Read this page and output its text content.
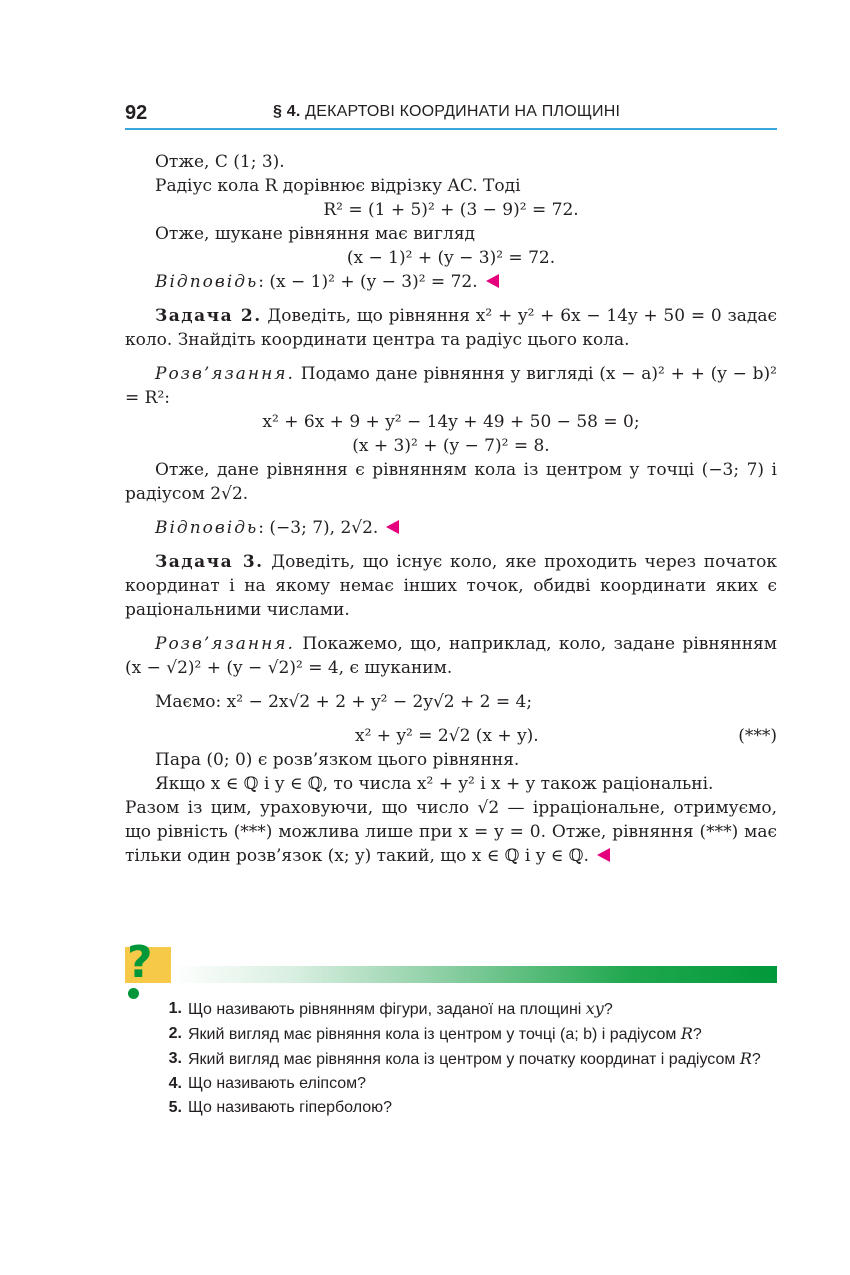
92	§ 4. ДЕКАРТОВІ КООРДИНАТИ НА ПЛОЩИНІ

Отже, C (1; 3).

Радіус кола R дорівнює відрізку AC. Тоді

R² = (1 + 5)² + (3 − 9)² = 72.

Отже, шукане рівняння має вигляд

(x − 1)² + (y − 3)² = 72.

Відповідь: (x − 1)² + (y − 3)² = 72.

Задача 2. Доведіть, що рівняння x² + y² + 6x − 14y + 50 = 0 задає коло. Знайдіть координати центра та радіус цього кола.

Розв’язання. Подамо дане рівняння у вигляді (x − a)² + + (y − b)² = R²:

x² + 6x + 9 + y² − 14y + 49 + 50 − 58 = 0;

(x + 3)² + (y − 7)² = 8.

Отже, дане рівняння є рівнянням кола із центром у точці (−3; 7) і радіусом 2√2.

Відповідь: (−3; 7), 2√2.

Задача 3. Доведіть, що існує коло, яке проходить через початок координат і на якому немає інших точок, обидві координати яких є раціональними числами.

Розв’язання. Покажемо, що, наприклад, коло, задане рівнянням (x − √2)² + (y − √2)² = 4, є шуканим.

Маємо: x² − 2x√2 + 2 + y² − 2y√2 + 2 = 4;

x² + y² = 2√2 (x + y).	(***)

Пара (0; 0) є розв’язком цього рівняння.

Якщо x ∈ ℚ і y ∈ ℚ, то числа x² + y² і x + y також раціональні.

Разом із цим, ураховуючи, що число √2 — ірраціональне, отримуємо, що рівність (***) можлива лише при x = y = 0. Отже, рівняння (***) має тільки один розв’язок (x; y) такий, що x ∈ ℚ і y ∈ ℚ.

?
1. Що називають рівнянням фігури, заданої на площині xy?
2. Який вигляд має рівняння кола із центром у точці (a; b) і радіусом R?
3. Який вигляд має рівняння кола із центром у початку координат і радіусом R?
4. Що називають еліпсом?
5. Що називають гіперболою?
